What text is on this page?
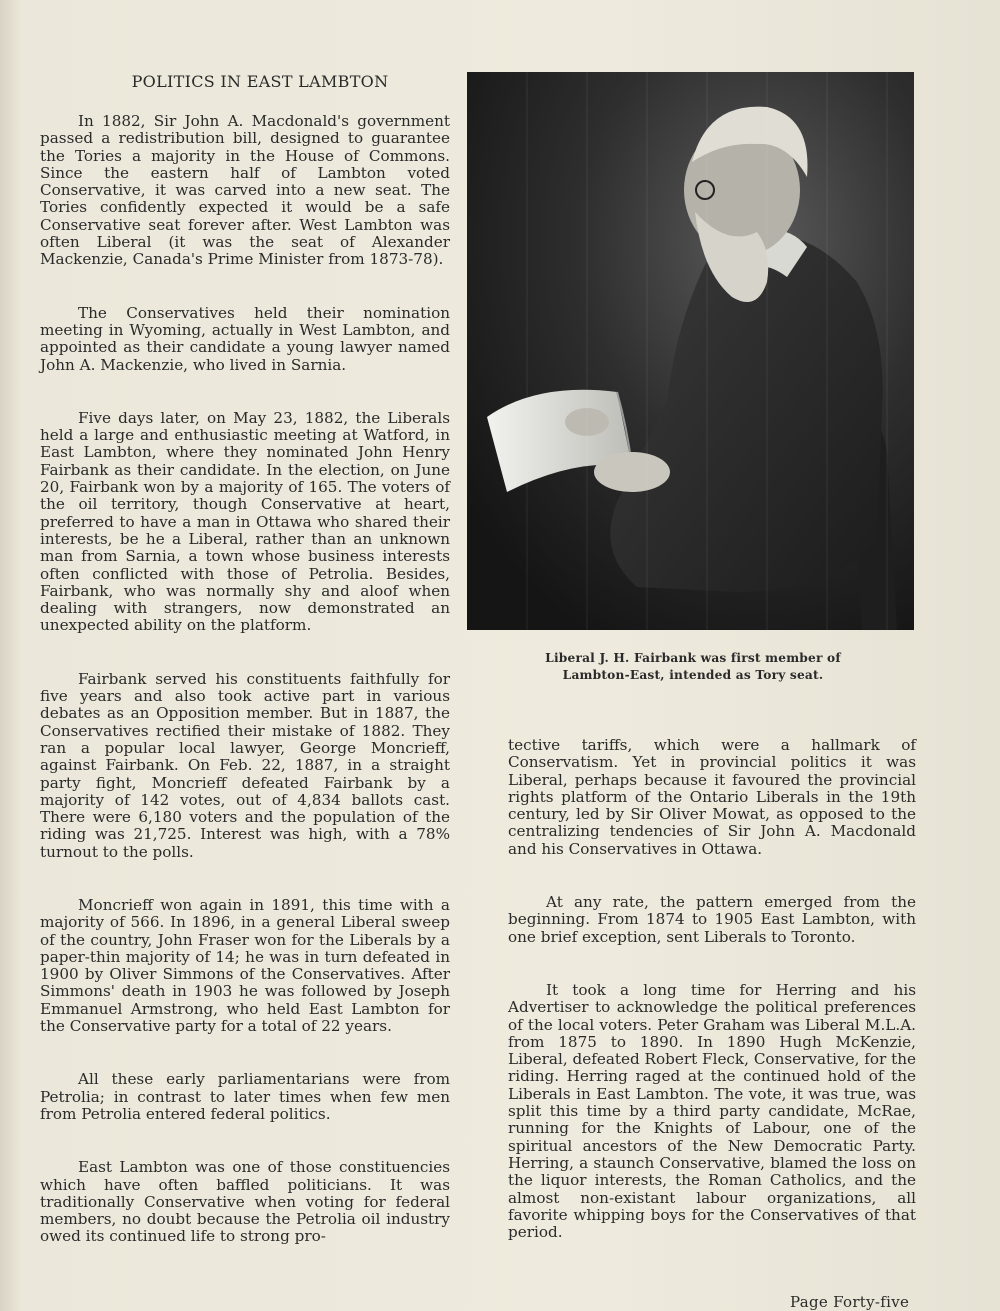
POLITICS IN EAST LAMBTON

In 1882, Sir John A. Macdonald's government passed a redistribution bill, designed to guarantee the Tories a majority in the House of Commons. Since the eastern half of Lambton voted Conservative, it was carved into a new seat. The Tories confidently expected it would be a safe Conservative seat forever after. West Lambton was often Liberal (it was the seat of Alexander Mackenzie, Canada's Prime Minister from 1873-78).

The Conservatives held their nomination meeting in Wyoming, actually in West Lambton, and appointed as their candidate a young lawyer named John A. Mackenzie, who lived in Sarnia.

Five days later, on May 23, 1882, the Liberals held a large and enthusiastic meeting at Watford, in East Lambton, where they nominated John Henry Fairbank as their candidate. In the election, on June 20, Fairbank won by a majority of 165. The voters of the oil territory, though Conservative at heart, preferred to have a man in Ottawa who shared their interests, be he a Liberal, rather than an unknown man from Sarnia, a town whose business interests often conflicted with those of Petrolia. Besides, Fairbank, who was normally shy and aloof when dealing with strangers, now demonstrated an unexpected ability on the platform.

Fairbank served his constituents faithfully for five years and also took active part in various debates as an Opposition member. But in 1887, the Conservatives rectified their mistake of 1882. They ran a popular local lawyer, George Moncrieff, against Fairbank. On Feb. 22, 1887, in a straight party fight, Moncrieff defeated Fairbank by a majority of 142 votes, out of 4,834 ballots cast. There were 6,180 voters and the population of the riding was 21,725. Interest was high, with a 78% turnout to the polls.

Moncrieff won again in 1891, this time with a majority of 566. In 1896, in a general Liberal sweep of the country, John Fraser won for the Liberals by a paper-thin majority of 14; he was in turn defeated in 1900 by Oliver Simmons of the Conservatives. After Simmons' death in 1903 he was followed by Joseph Emmanuel Armstrong, who held East Lambton for the Conservative party for a total of 22 years.

All these early parliamentarians were from Petrolia; in contrast to later times when few men from Petrolia entered federal politics.

East Lambton was one of those constituencies which have often baffled politicians. It was traditionally Conservative when voting for federal members, no doubt because the Petrolia oil industry owed its continued life to strong pro-

Liberal J. H. Fairbank was first member of
Lambton-East, intended as Tory seat.

tective tariffs, which were a hallmark of Conservatism. Yet in provincial politics it was Liberal, perhaps because it favoured the provincial rights platform of the Ontario Liberals in the 19th century, led by Sir Oliver Mowat, as opposed to the centralizing tendencies of Sir John A. Macdonald and his Conservatives in Ottawa.

At any rate, the pattern emerged from the beginning. From 1874 to 1905 East Lambton, with one brief exception, sent Liberals to Toronto.

It took a long time for Herring and his Advertiser to acknowledge the political preferences of the local voters. Peter Graham was Liberal M.L.A. from 1875 to 1890. In 1890 Hugh McKenzie, Liberal, defeated Robert Fleck, Conservative, for the riding. Herring raged at the continued hold of the Liberals in East Lambton. The vote, it was true, was split this time by a third party candidate, McRae, running for the Knights of Labour, one of the spiritual ancestors of the New Democratic Party. Herring, a staunch Conservative, blamed the loss on the liquor interests, the Roman Catholics, and the almost non-existant labour organizations, all favorite whipping boys for the Conservatives of that period.

Page Forty-five
